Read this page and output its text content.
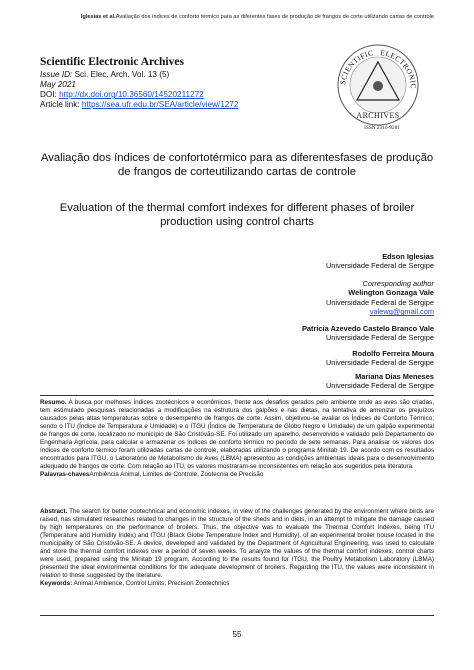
Iglesias et al.Avaliação dos índices de conforto térmico para as diferentes fases de produção de frangos de corte utilizando cartas de controle
Scientific Electronic Archives
Issue ID: Sci. Elec. Arch. Vol. 13 (5)
May 2021
DOI: http://dx.doi.org/10.36560/14520211272
Article link: https://sea.ufr.edu.br/SEA/article/view/1272
SCIENTIFIC ELECTRONIC
ARCHIVES
ISSN 2316-9281
Avaliação dos índices de confortotérmico para as diferentesfases de produção de frangos de corteutilizando cartas de controle
Evaluation of the thermal comfort indexes for different phases of broiler production using control charts
Edson Iglesias
Universidade Federal de Sergipe
Corresponding author
Welington Gonzaga Vale
Universidade Federal de Sergipe
valewg@gmail.com
Patricia Azevedo Castelo Branco Vale
Universidade Federal de Sergipe
Rodolfo Ferreira Moura
Universidade Federal de Sergipe
Mariana Dias Meneses
Universidade Federal de Sergipe
Resumo. A busca por melhores índices zootécnicos e econômicos, frente aos desafios gerados pelo ambiente onde as aves são criadas, tem estimulado pesquisas relacionadas a modificações na estrutura dos galpões e nas dietas, na tentativa de amenizar os prejuízos causados pelas altas temperaturas sobre o desempenho de frangos de corte. Assim, objetivou-se avaliar os Índices de Conforto Térmico, sendo o ITU (Índice de Temperatura e Umidade) e o ITGU (Índice de Temperatura de Globo Negro e Umidade) de um galpão experimental de frangos de corte, localizado no município de São Cristóvão-SE. Foi utilizado um aparelho, desenvolvido e validado pelo Departamento de Engenharia Agrícola, para calcular e armazenar os índices de conforto térmico no período de sete semanas. Para analisar os valores dos índices de conforto térmico foram utilizadas cartas de controle, elaboradas utilizando o programa Minitab 19. De acordo com os resultados encontrados para ITGU, o Laboratório de Metabolismo de Aves (LBMA) apresentou as condições ambientais ideais para o desenvolvimento adequado de frangos de corte. Com relação ao ITU, os valores mostraram-se inconsistentes em relação aos sugeridos pela literatura.
Palavras-chavesAmbiência Animal, Limites de Controle, Zootecnia de Precisão
Abstract. The search for better zootechnical and economic indexes, in view of the challenges generated by the environment where birds are raised, has stimulated researches related to changes in the structure of the sheds and in diets, in an attempt to mitigate the damage caused by high temperatures on the performance of broilers. Thus, the objective was to evaluate the Thermal Comfort Indexes, being ITU (Temperature and Humidity Index) and ITGU (Black Globe Temperature Index and Humidity), of an experimental broiler house located in the municipality of São Cristóvão-SE. A device, developed and validated by the Department of Agricultural Engineering, was used to calculate and store the thermal comfort indexes over a period of seven weeks. To analyze the values of the thermal comfort indexes, control charts were used, prepared using the Minitab 19 program. According to the results found for ITGU, the Poultry Metabolism Laboratory (LBMA) presented the ideal environmental conditions for the adequate development of broilers. Regarding the ITU, the values were inconsistent in relation to those suggested by the literature.
Keywords: Animal Ambience, Control Limits, Precision Zootechnics
55
